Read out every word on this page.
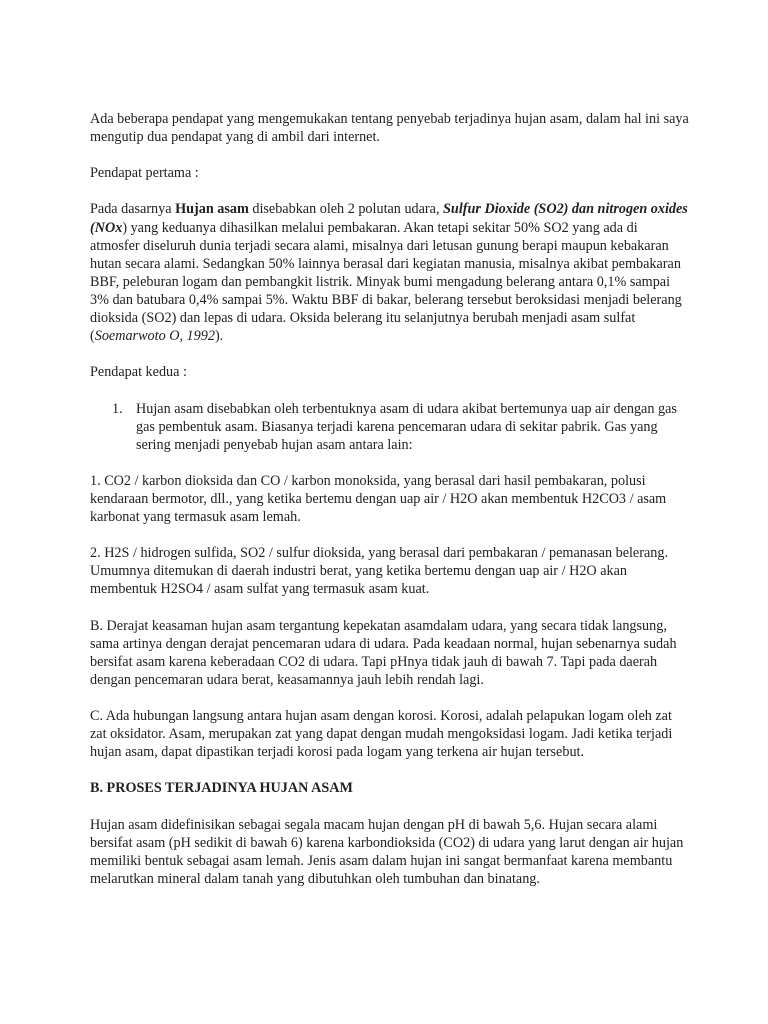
Ada beberapa pendapat yang mengemukakan tentang penyebab terjadinya hujan asam, dalam hal ini saya mengutip dua pendapat yang di ambil dari internet.

Pendapat pertama :

Pada dasarnya Hujan asam disebabkan oleh 2 polutan udara, Sulfur Dioxide (SO2) dan nitrogen oxides (NOx) yang keduanya dihasilkan melalui pembakaran. Akan tetapi sekitar 50% SO2 yang ada di atmosfer diseluruh dunia terjadi secara alami, misalnya dari letusan gunung berapi maupun kebakaran hutan secara alami. Sedangkan 50% lainnya berasal dari kegiatan manusia, misalnya akibat pembakaran BBF, peleburan logam dan pembangkit listrik. Minyak bumi mengadung belerang antara 0,1% sampai 3% dan batubara 0,4% sampai 5%. Waktu BBF di bakar, belerang tersebut beroksidasi menjadi belerang dioksida (SO2) dan lepas di udara. Oksida belerang itu selanjutnya berubah menjadi asam sulfat (Soemarwoto O, 1992).

Pendapat kedua :

1. Hujan asam disebabkan oleh terbentuknya asam di udara akibat bertemunya uap air dengan gas gas pembentuk asam. Biasanya terjadi karena pencemaran udara di sekitar pabrik. Gas yang sering menjadi penyebab hujan asam antara lain:

1. CO2 / karbon dioksida dan CO / karbon monoksida, yang berasal dari hasil pembakaran, polusi kendaraan bermotor, dll., yang ketika bertemu dengan uap air / H2O akan membentuk H2CO3 / asam karbonat yang termasuk asam lemah.

2. H2S / hidrogen sulfida, SO2 / sulfur dioksida, yang berasal dari pembakaran / pemanasan belerang. Umumnya ditemukan di daerah industri berat, yang ketika bertemu dengan uap air / H2O akan membentuk H2SO4 / asam sulfat yang termasuk asam kuat.

B. Derajat keasaman hujan asam tergantung kepekatan asamdalam udara, yang secara tidak langsung, sama artinya dengan derajat pencemaran udara di udara. Pada keadaan normal, hujan sebenarnya sudah bersifat asam karena keberadaan CO2 di udara. Tapi pHnya tidak jauh di bawah 7. Tapi pada daerah dengan pencemaran udara berat, keasamannya jauh lebih rendah lagi.

C. Ada hubungan langsung antara hujan asam dengan korosi. Korosi, adalah pelapukan logam oleh zat zat oksidator. Asam, merupakan zat yang dapat dengan mudah mengoksidasi logam. Jadi ketika terjadi hujan asam, dapat dipastikan terjadi korosi pada logam yang terkena air hujan tersebut.

B. PROSES TERJADINYA HUJAN ASAM

Hujan asam didefinisikan sebagai segala macam hujan dengan pH di bawah 5,6. Hujan secara alami bersifat asam (pH sedikit di bawah 6) karena karbondioksida (CO2) di udara yang larut dengan air hujan memiliki bentuk sebagai asam lemah. Jenis asam dalam hujan ini sangat bermanfaat karena membantu melarutkan mineral dalam tanah yang dibutuhkan oleh tumbuhan dan binatang.
